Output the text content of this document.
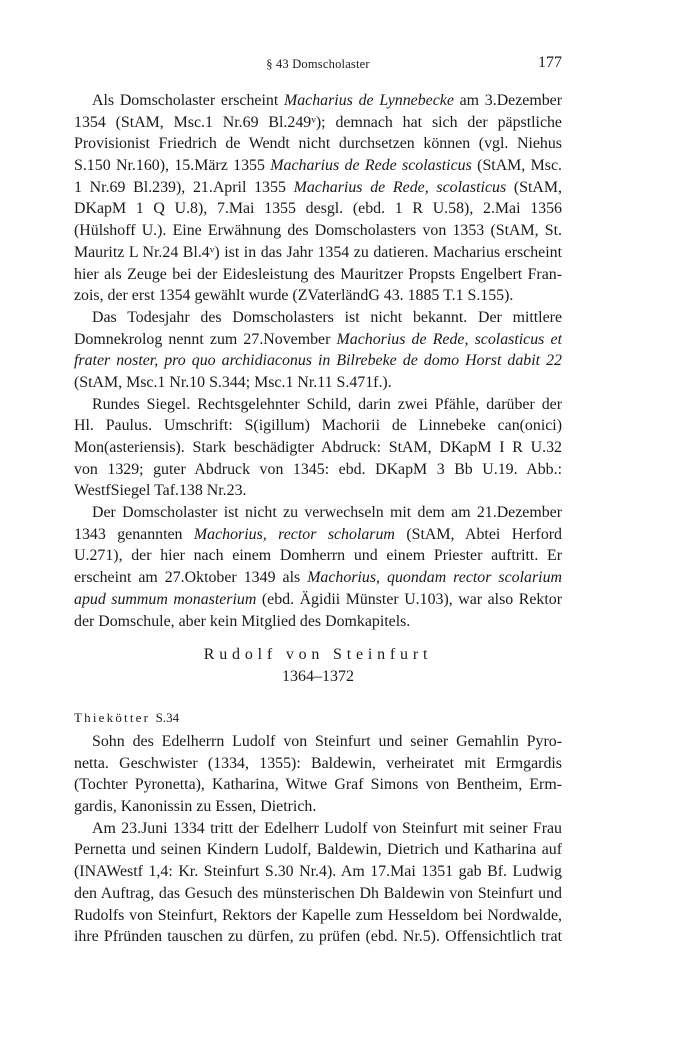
§ 43 Domscholaster	177
Als Domscholaster erscheint Macharius de Lynnebecke am 3.Dezember
1354 (StAM, Msc.1 Nr.69 Bl.249ᵛ); demnach hat sich der päpstliche
Provisionist Friedrich de Wendt nicht durchsetzen können (vgl. Niehus
S.150 Nr.160), 15.März 1355 Macharius de Rede scolasticus (StAM, Msc.
1 Nr.69 Bl.239), 21.April 1355 Macharius de Rede, scolasticus (StAM,
DKapM 1 Q U.8), 7.Mai 1355 desgl. (ebd. 1 R U.58), 2.Mai 1356
(Hülshoff U.). Eine Erwähnung des Domscholasters von 1353 (StAM, St.
Mauritz L Nr.24 Bl.4ᵛ) ist in das Jahr 1354 zu datieren. Macharius erscheint
hier als Zeuge bei der Eidesleistung des Mauritzer Propsts Engelbert Fran-
zois, der erst 1354 gewählt wurde (ZVaterländG 43. 1885 T.1 S.155).
Das Todesjahr des Domscholasters ist nicht bekannt. Der mittlere
Domnekrolog nennt zum 27.November Machorius de Rede, scolasticus et
frater noster, pro quo archidiaconus in Bilrebeke de domo Horst dabit 22
(StAM, Msc.1 Nr.10 S.344; Msc.1 Nr.11 S.471f.).
Rundes Siegel. Rechtsgelehnter Schild, darin zwei Pfähle, darüber der
Hl. Paulus. Umschrift: S(igillum) Machorii de Linnebeke can(onici)
Mon(asteriensis). Stark beschädigter Abdruck: StAM, DKapM I R U.32
von 1329; guter Abdruck von 1345: ebd. DKapM 3 Bb U.19. Abb.:
WestfSiegel Taf.138 Nr.23.
Der Domscholaster ist nicht zu verwechseln mit dem am 21.Dezember
1343 genannten Machorius, rector scholarum (StAM, Abtei Herford
U.271), der hier nach einem Domherrn und einem Priester auftritt. Er
erscheint am 27.Oktober 1349 als Machorius, quondam rector scolarium
apud summum monasterium (ebd. Ägidii Münster U.103), war also Rektor
der Domschule, aber kein Mitglied des Domkapitels.
Rudolf von Steinfurt
1364–1372
Thiekötter S.34
Sohn des Edelherrn Ludolf von Steinfurt und seiner Gemahlin Pyro-
netta. Geschwister (1334, 1355): Baldewin, verheiratet mit Ermgardis
(Tochter Pyronetta), Katharina, Witwe Graf Simons von Bentheim, Erm-
gardis, Kanonissin zu Essen, Dietrich.
Am 23.Juni 1334 tritt der Edelherr Ludolf von Steinfurt mit seiner Frau
Pernetta und seinen Kindern Ludolf, Baldewin, Dietrich und Katharina auf
(INAWestf 1,4: Kr. Steinfurt S.30 Nr.4). Am 17.Mai 1351 gab Bf. Ludwig
den Auftrag, das Gesuch des münsterischen Dh Baldewin von Steinfurt und
Rudolfs von Steinfurt, Rektors der Kapelle zum Hesseldom bei Nordwalde,
ihre Pfründen tauschen zu dürfen, zu prüfen (ebd. Nr.5). Offensichtlich trat
